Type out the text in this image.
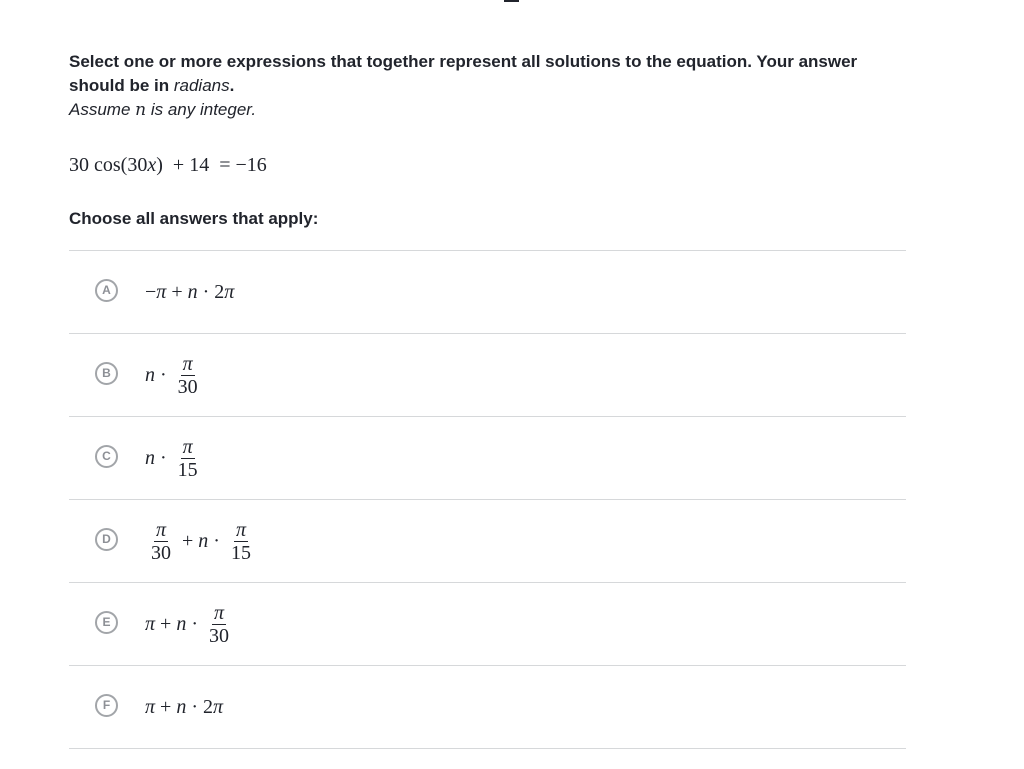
Select one or more expressions that together represent all solutions to the equation. Your answer should be in radians.

Assume n is any integer.

30 cos(30x) + 14 = −16
Choose all answers that apply:
A	− π + n · 2 π
B	$n \cdot \frac{\pi}{30}$
C	$n \cdot \frac{\pi}{15}$
D	$\frac{\pi}{30} + n \cdot \frac{\pi}{15}$
E	$\pi + n \cdot \frac{\pi}{30}$
F	π + n · 2 π
